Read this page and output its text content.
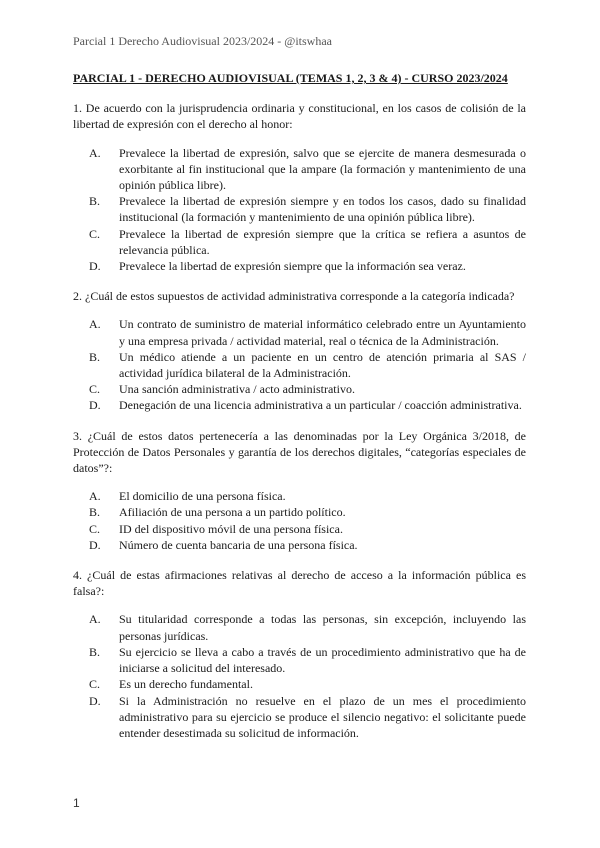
Parcial 1 Derecho Audiovisual 2023/2024 - @itswhaa
PARCIAL 1 - DERECHO AUDIOVISUAL (TEMAS 1, 2, 3 & 4) - CURSO 2023/2024
1. De acuerdo con la jurisprudencia ordinaria y constitucional, en los casos de colisión de la libertad de expresión con el derecho al honor:
A.	Prevalece la libertad de expresión, salvo que se ejercite de manera desmesurada o exorbitante al fin institucional que la ampare (la formación y mantenimiento de una opinión pública libre).
B.	Prevalece la libertad de expresión siempre y en todos los casos, dado su finalidad institucional (la formación y mantenimiento de una opinión pública libre).
C.	Prevalece la libertad de expresión siempre que la crítica se refiera a asuntos de relevancia pública.
D.	Prevalece la libertad de expresión siempre que la información sea veraz.
2. ¿Cuál de estos supuestos de actividad administrativa corresponde a la categoría indicada?
A.	Un contrato de suministro de material informático celebrado entre un Ayuntamiento y una empresa privada / actividad material, real o técnica de la Administración.
B.	Un médico atiende a un paciente en un centro de atención primaria al SAS / actividad jurídica bilateral de la Administración.
C.	Una sanción administrativa / acto administrativo.
D.	Denegación de una licencia administrativa a un particular / coacción administrativa.
3. ¿Cuál de estos datos pertenecería a las denominadas por la Ley Orgánica 3/2018, de Protección de Datos Personales y garantía de los derechos digitales, “categorías especiales de datos”?:
A.	El domicilio de una persona física.
B.	Afiliación de una persona a un partido político.
C.	ID del dispositivo móvil de una persona física.
D.	Número de cuenta bancaria de una persona física.
4. ¿Cuál de estas afirmaciones relativas al derecho de acceso a la información pública es falsa?:
A.	Su titularidad corresponde a todas las personas, sin excepción, incluyendo las personas jurídicas.
B.	Su ejercicio se lleva a cabo a través de un procedimiento administrativo que ha de iniciarse a solicitud del interesado.
C.	Es un derecho fundamental.
D.	Si la Administración no resuelve en el plazo de un mes el procedimiento administrativo para su ejercicio se produce el silencio negativo: el solicitante puede entender desestimada su solicitud de información.
1
